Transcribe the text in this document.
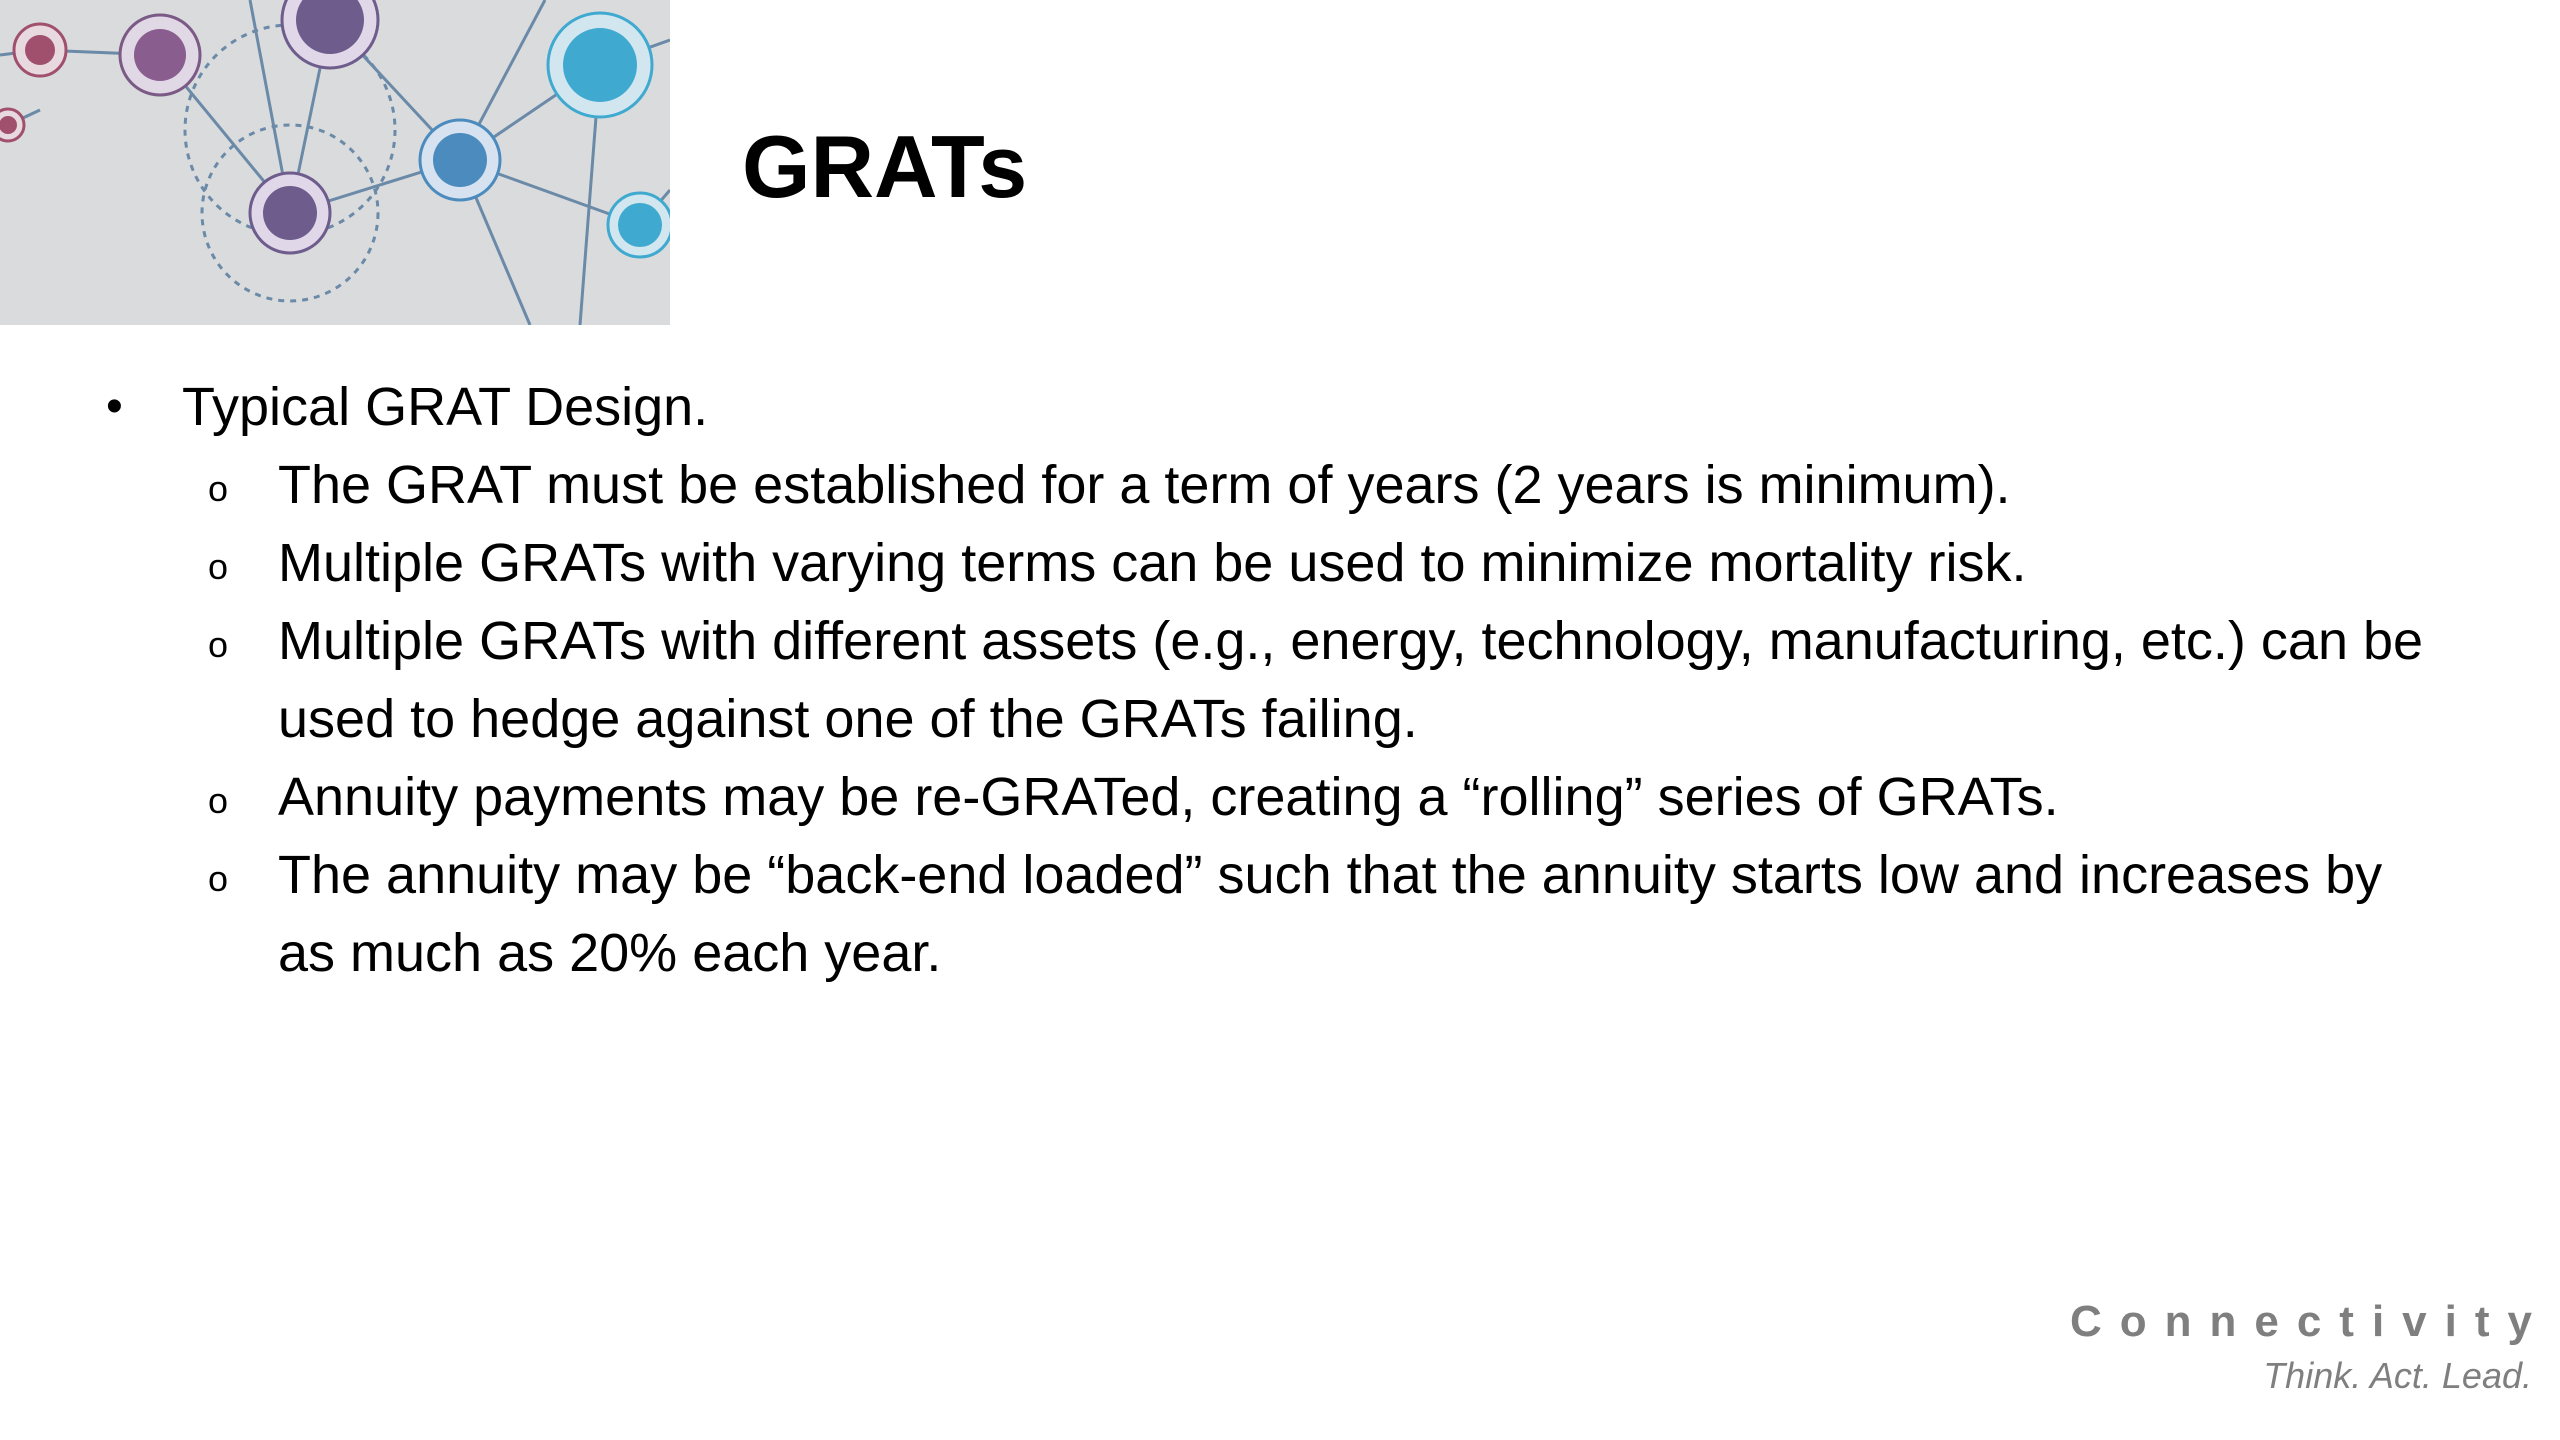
GRATs
• Typical GRAT Design.
o The GRAT must be established for a term of years (2 years is minimum).
o Multiple GRATs with varying terms can be used to minimize mortality risk.
o Multiple GRATs with different assets (e.g., energy, technology, manufacturing, etc.) can be used to hedge against one of the GRATs failing.
o Annuity payments may be re-GRATed, creating a “rolling” series of GRATs.
o The annuity may be “back-end loaded” such that the annuity starts low and increases by as much as 20% each year.
Connectivity
Think. Act. Lead.
